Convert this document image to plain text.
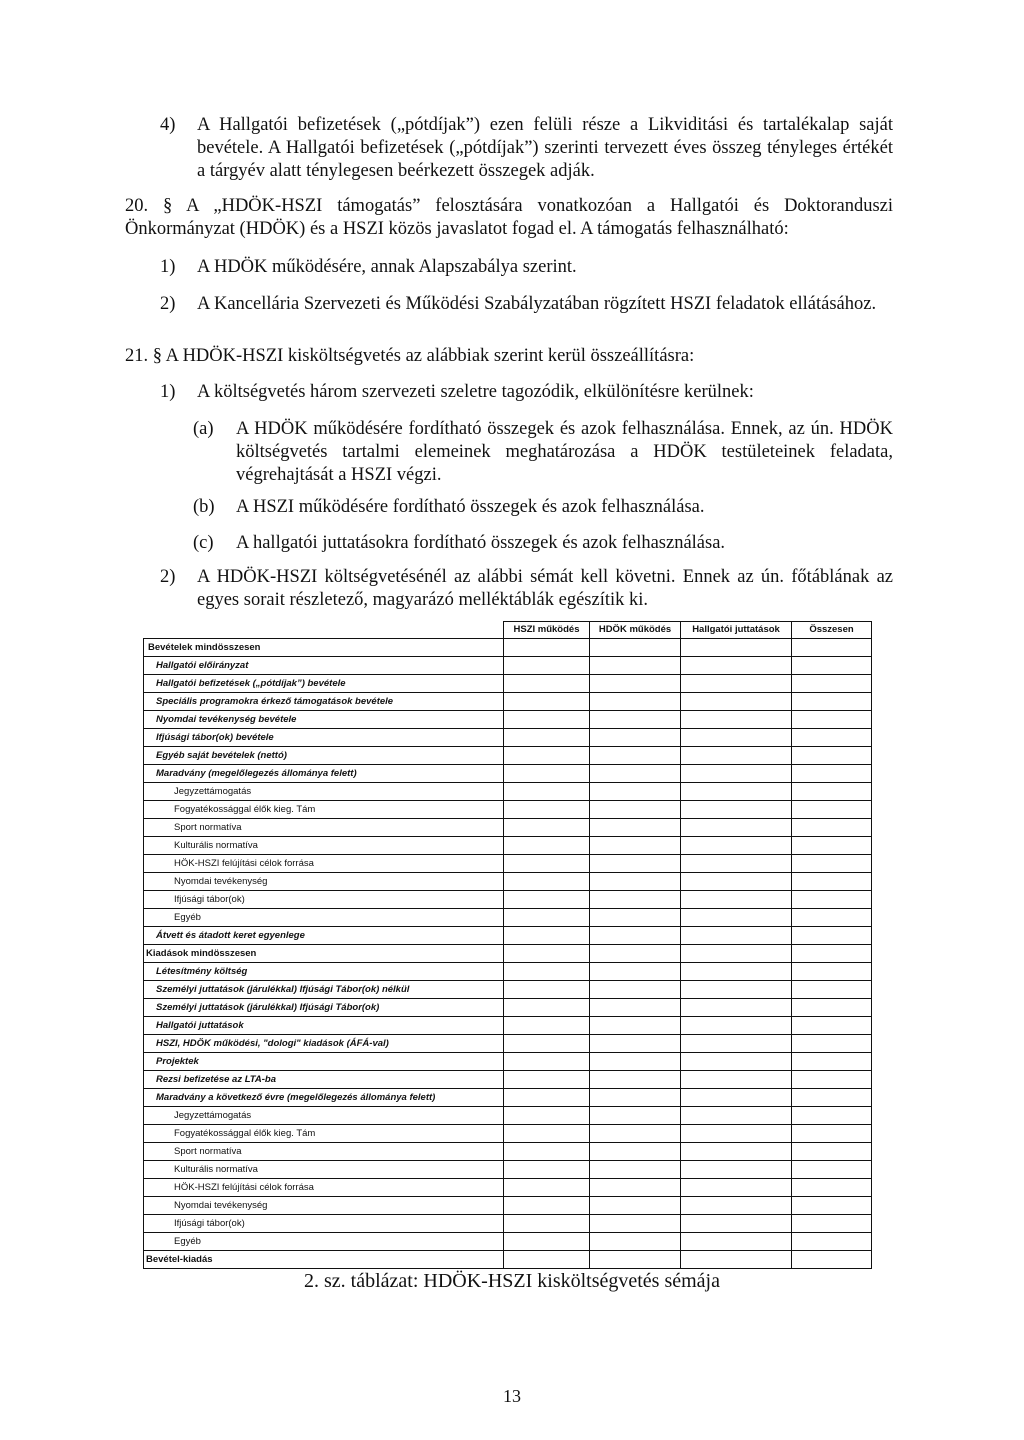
4) A Hallgatói befizetések („pótdíjak”) ezen felüli része a Likviditási és tartalékalap saját bevétele. A Hallgatói befizetések („pótdíjak”) szerinti tervezett éves összeg tényleges értékét a tárgyév alatt ténylegesen beérkezett összegek adják.
20. § A „HDÖK-HSZI támogatás” felosztására vonatkozóan a Hallgatói és Doktoranduszi Önkormányzat (HDÖK) és a HSZI közös javaslatot fogad el. A támogatás felhasználható:
1) A HDÖK működésére, annak Alapszabálya szerint.
2) A Kancellária Szervezeti és Működési Szabályzatában rögzített HSZI feladatok ellátásához.
21. § A HDÖK-HSZI kisköltségvetés az alábbiak szerint kerül összeállításra:
1) A költségvetés három szervezeti szeletre tagozódik, elkülönítésre kerülnek:
(a) A HDÖK működésére fordítható összegek és azok felhasználása. Ennek, az ún. HDÖK költségvetés tartalmi elemeinek meghatározása a HDÖK testületeinek feladata, végrehajtását a HSZI végzi.
(b) A HSZI működésére fordítható összegek és azok felhasználása.
(c) A hallgatói juttatásokra fordítható összegek és azok felhasználása.
2) A HDÖK-HSZI költségvetésénél az alábbi sémát kell követni. Ennek az ún. főtáblának az egyes sorait részletező, magyarázó melléktáblák egészítik ki.
	HSZI működés	HDÖK működés	Hallgatói juttatások	Összesen
Bevételek mindösszesen				
Hallgatói előirányzat				
Hallgatói befizetések („pótdíjak”) bevétele				
Speciális programokra érkező támogatások bevétele				
Nyomdai tevékenység bevétele				
Ifjúsági tábor(ok) bevétele				
Egyéb saját bevételek (nettó)				
Maradvány (megelőlegezés állománya felett)				
Jegyzettámogatás				
Fogyatékossággal élők kieg. Tám				
Sport normatíva				
Kulturális normatíva				
HÖK-HSZI felújítási célok forrása				
Nyomdai tevékenység				
Ifjúsági tábor(ok)				
Egyéb				
Átvett és átadott keret egyenlege				
Kiadások mindösszesen				
Létesítmény költség				
Személyi juttatások (járulékkal) Ifjúsági Tábor(ok) nélkül				
Személyi juttatások (járulékkal) Ifjúsági Tábor(ok)				
Hallgatói juttatások				
HSZI, HDÖK működési, "dologi" kiadások (ÁFÁ-val)				
Projektek				
Rezsi befizetése az LTA-ba				
Maradvány a következő évre (megelőlegezés állománya felett)				
Jegyzettámogatás				
Fogyatékossággal élők kieg. Tám				
Sport normatíva				
Kulturális normatíva				
HÖK-HSZI felújítási célok forrása				
Nyomdai tevékenység				
Ifjúsági tábor(ok)				
Egyéb				
Bevétel-kiadás				
2. sz. táblázat: HDÖK-HSZI kisköltségvetés sémája
13
